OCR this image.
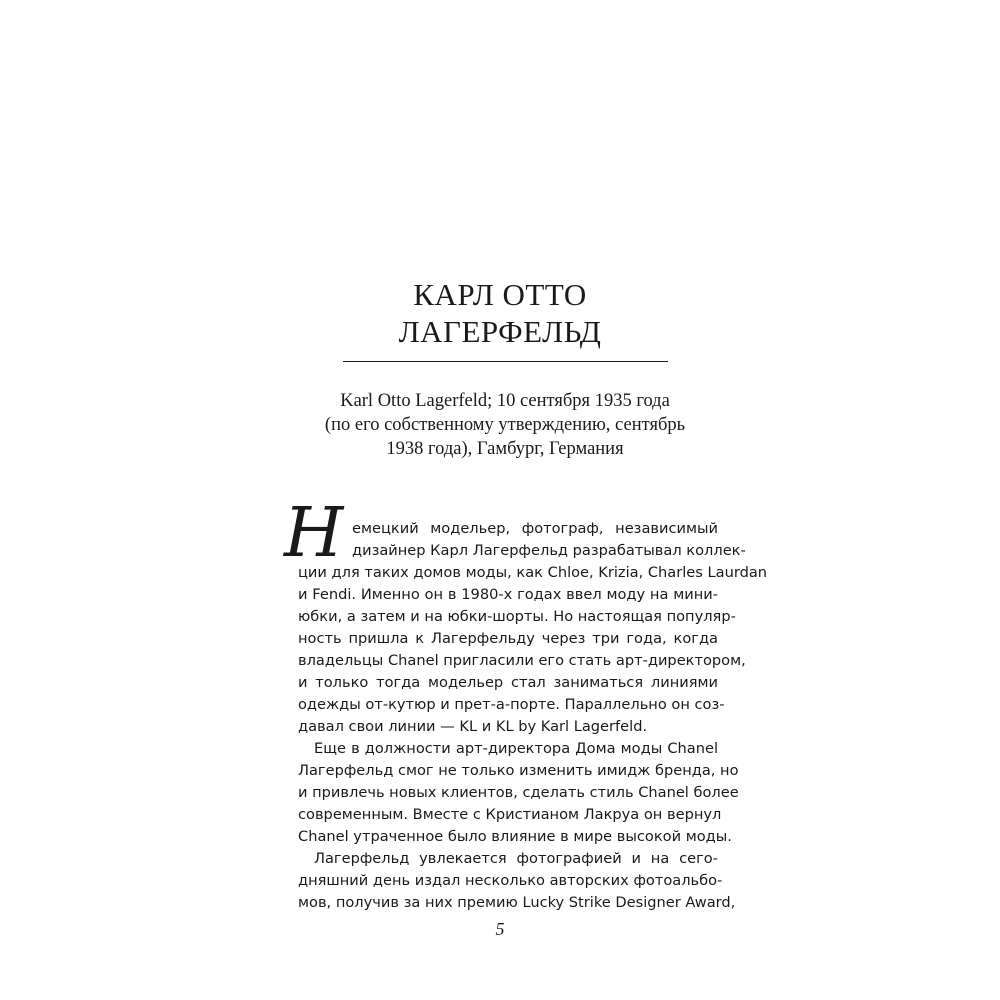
КАРЛ ОТТО
ЛАГЕРФЕЛЬД

Karl Otto Lagerfeld; 10 сентября 1935 года

(по его собственному утверждению, сентябрь

1938 года), Гамбург, Германия

Н емецкий модельер, фотограф, независимый

дизайнер Карл Лагерфельд разрабатывал коллек-

ции для таких домов моды, как Chloe, Krizia, Charles Laurdan

и Fendi. Именно он в 1980-х годах ввел моду на мини-

юбки, а затем и на юбки-шорты. Но настоящая популяр-

ность пришла к Лагерфельду через три года, когда

владельцы Chanel пригласили его стать арт-директором,

и только тогда модельер стал заниматься линиями

одежды от-кутюр и прет-а-порте. Параллельно он соз-

давал свои линии — KL и KL by Karl Lagerfeld.

Еще в должности арт-директора Дома моды Chanel

Лагерфельд смог не только изменить имидж бренда, но

и привлечь новых клиентов, сделать стиль Chanel более

современным. Вместе с Кристианом Лакруа он вернул

Chanel утраченное было влияние в мире высокой моды.

Лагерфельд увлекается фотографией и на сего-

дняшний день издал несколько авторских фотоальбо-

мов, получив за них премию Lucky Strike Designer Award,

5
